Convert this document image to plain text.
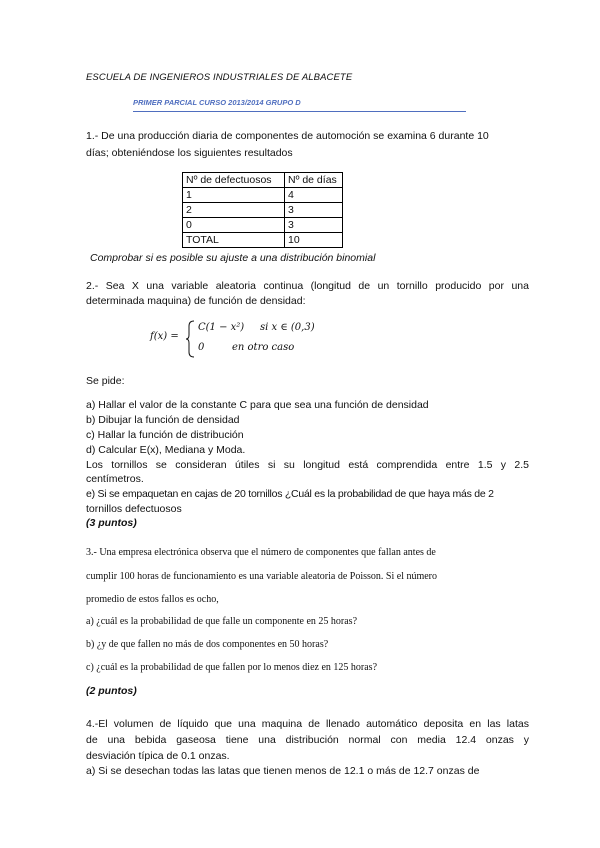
ESCUELA DE INGENIEROS INDUSTRIALES DE ALBACETE
PRIMER PARCIAL CURSO 2013/2014 GRUPO D
1.- De una producción diaria de componentes de automoción se examina 6 durante 10
días; obteniéndose los siguientes resultados
Nº de defectuosos	Nº de días
1	4
2	3
0	3
TOTAL	10
Comprobar si es posible su ajuste a una distribución binomial
2.- Sea X una variable aleatoria continua (longitud de un tornillo producido por una
determinada maquina) de función de densidad:
f(x) =
C(1 − x²) si x ∈ (0,3)
0	en otro caso
Se pide:
a) Hallar el valor de la constante C para que sea una función de densidad
b) Dibujar la función de densidad
c) Hallar la función de distribución
d) Calcular E(x), Mediana y Moda.
Los tornillos se consideran útiles si su longitud está comprendida entre 1.5 y 2.5
centímetros.
e) Si se empaquetan en cajas de 20 tornillos ¿Cuál es la probabilidad de que haya más de 2
tornillos defectuosos
(3 puntos)
3.- Una empresa electrónica observa que el número de componentes que fallan antes de
cumplir 100 horas de funcionamiento es una variable aleatoria de Poisson. Si el número
promedio de estos fallos es ocho,
a) ¿cuál es la probabilidad de que falle un componente en 25 horas?
b) ¿y de que fallen no más de dos componentes en 50 horas?
c) ¿cuál es la probabilidad de que fallen por lo menos diez en 125 horas?
(2 puntos)
4.-El volumen de líquido que una maquina de llenado automático deposita en las latas
de una bebida gaseosa tiene una distribución normal con media 12.4 onzas y
desviación típica de 0.1 onzas.
a) Si se desechan todas las latas que tienen menos de 12.1 o más de 12.7 onzas de
